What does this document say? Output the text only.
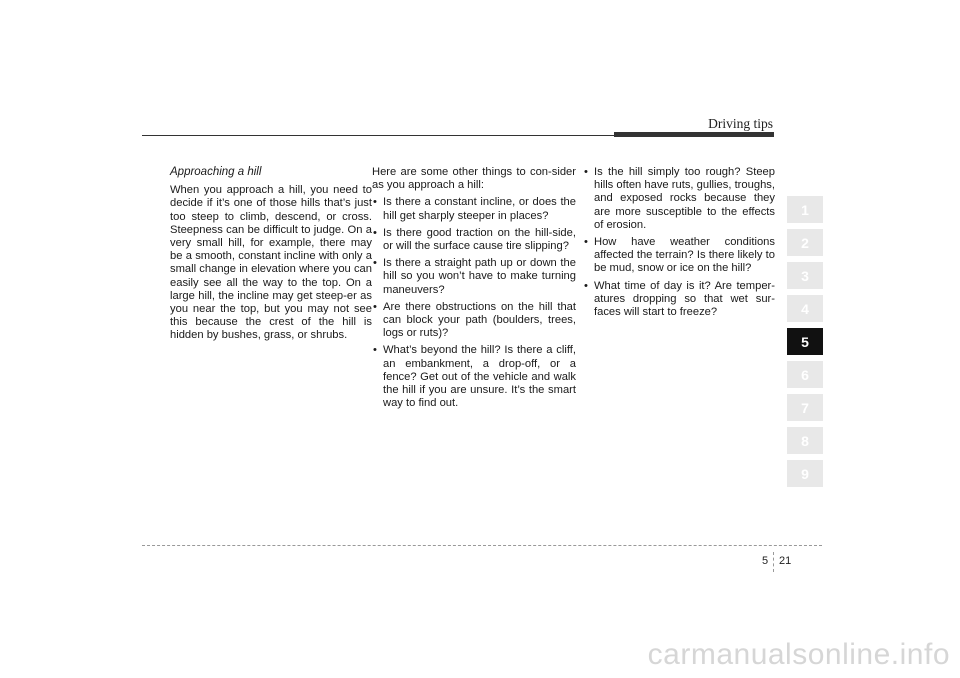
Driving tips

Approaching a hill

When you approach a hill, you need to decide if it’s one of those hills that’s just too steep to climb, descend, or cross. Steepness can be difficult to judge. On a very small hill, for example, there may be a smooth, constant incline with only a small change in elevation where you can easily see all the way to the top. On a large hill, the incline may get steep-er as you near the top, but you may not see this because the crest of the hill is hidden by bushes, grass, or shrubs.

Here are some other things to con-sider as you approach a hill:

• Is there a constant incline, or does the hill get sharply steeper in places?
• Is there good traction on the hill-side, or will the surface cause tire slipping?
• Is there a straight path up or down the hill so you won’t have to make turning maneuvers?
• Are there obstructions on the hill that can block your path (boulders, trees, logs or ruts)?
• What’s beyond the hill? Is there a cliff, an embankment, a drop-off, or a fence? Get out of the vehicle and walk the hill if you are unsure. It’s the smart way to find out.
• Is the hill simply too rough? Steep hills often have ruts, gullies, troughs, and exposed rocks because they are more susceptible to the effects of erosion.
• How have weather conditions affected the terrain? Is there likely to be mud, snow or ice on the hill?
• What time of day is it? Are temper-atures dropping so that wet sur-faces will start to freeze?
1
2
3
4
5
6
7
8
9
5 21
carmanualsonline.info
